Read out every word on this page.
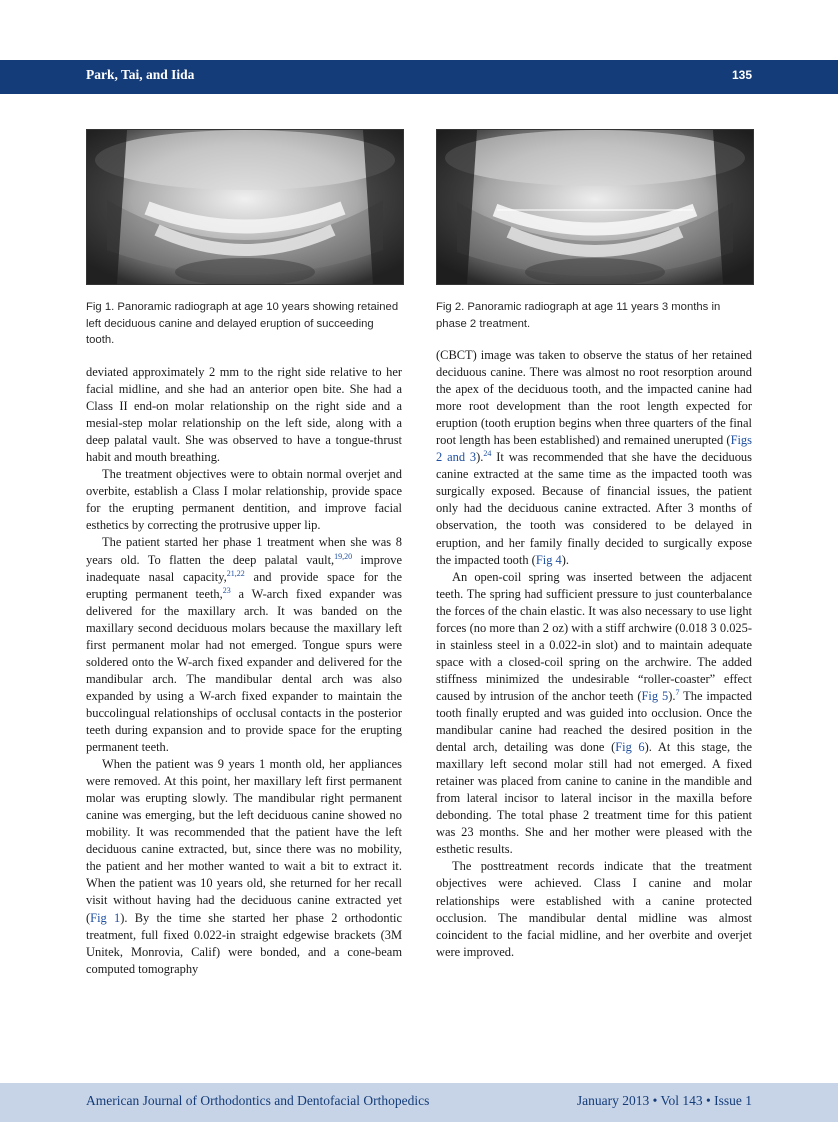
Park, Tai, and Iida	135
Fig 1. Panoramic radiograph at age 10 years showing retained left deciduous canine and delayed eruption of succeeding tooth.
Fig 2. Panoramic radiograph at age 11 years 3 months in phase 2 treatment.

deviated approximately 2 mm to the right side relative to her facial midline, and she had an anterior open bite. She had a Class II end-on molar relationship on the right side and a mesial-step molar relationship on the left side, along with a deep palatal vault. She was observed to have a tongue-thrust habit and mouth breathing.

The treatment objectives were to obtain normal overjet and overbite, establish a Class I molar relationship, provide space for the erupting permanent dentition, and improve facial esthetics by correcting the protrusive upper lip.

The patient started her phase 1 treatment when she was 8 years old. To flatten the deep palatal vault,$^{19,20}$ improve inadequate nasal capacity,$^{21,22}$ and provide space for the erupting permanent teeth,$^{23}$ a W-arch fixed expander was delivered for the maxillary arch. It was banded on the maxillary second deciduous molars because the maxillary left first permanent molar had not emerged. Tongue spurs were soldered onto the W-arch fixed expander and delivered for the mandibular arch. The mandibular dental arch was also expanded by using a W-arch fixed expander to maintain the buccolingual relationships of occlusal contacts in the posterior teeth during expansion and to provide space for the erupting permanent teeth.

When the patient was 9 years 1 month old, her appliances were removed. At this point, her maxillary left first permanent molar was erupting slowly. The mandibular right permanent canine was emerging, but the left deciduous canine showed no mobility. It was recommended that the patient have the left deciduous canine extracted, but, since there was no mobility, the patient and her mother wanted to wait a bit to extract it. When the patient was 10 years old, she returned for her recall visit without having had the deciduous canine extracted yet (Fig 1). By the time she started her phase 2 orthodontic treatment, full fixed 0.022-in straight edgewise brackets (3M Unitek, Monrovia, Calif) were bonded, and a cone-beam computed tomography

(CBCT) image was taken to observe the status of her retained deciduous canine. There was almost no root resorption around the apex of the deciduous tooth, and the impacted canine had more root development than the root length expected for eruption (tooth eruption begins when three quarters of the final root length has been established) and remained unerupted (Figs 2 and 3).$^{24}$ It was recommended that she have the deciduous canine extracted at the same time as the impacted tooth was surgically exposed. Because of financial issues, the patient only had the deciduous canine extracted. After 3 months of observation, the tooth was considered to be delayed in eruption, and her family finally decided to surgically expose the impacted tooth (Fig 4).

An open-coil spring was inserted between the adjacent teeth. The spring had sufficient pressure to just counterbalance the forces of the chain elastic. It was also necessary to use light forces (no more than 2 oz) with a stiff archwire (0.018 3 0.025-in stainless steel in a 0.022-in slot) and to maintain adequate space with a closed-coil spring on the archwire. The added stiffness minimized the undesirable “roller-coaster” effect caused by intrusion of the anchor teeth (Fig 5).$^7$ The impacted tooth finally erupted and was guided into occlusion. Once the mandibular canine had reached the desired position in the dental arch, detailing was done (Fig 6). At this stage, the maxillary left second molar still had not emerged. A fixed retainer was placed from canine to canine in the mandible and from lateral incisor to lateral incisor in the maxilla before debonding. The total phase 2 treatment time for this patient was 23 months. She and her mother were pleased with the esthetic results.

The posttreatment records indicate that the treatment objectives were achieved. Class I canine and molar relationships were established with a canine protected occlusion. The mandibular dental midline was almost coincident to the facial midline, and her overbite and overjet were improved.

American Journal of Orthodontics and Dentofacial Orthopedics	January 2013 • Vol 143 • Issue 1
